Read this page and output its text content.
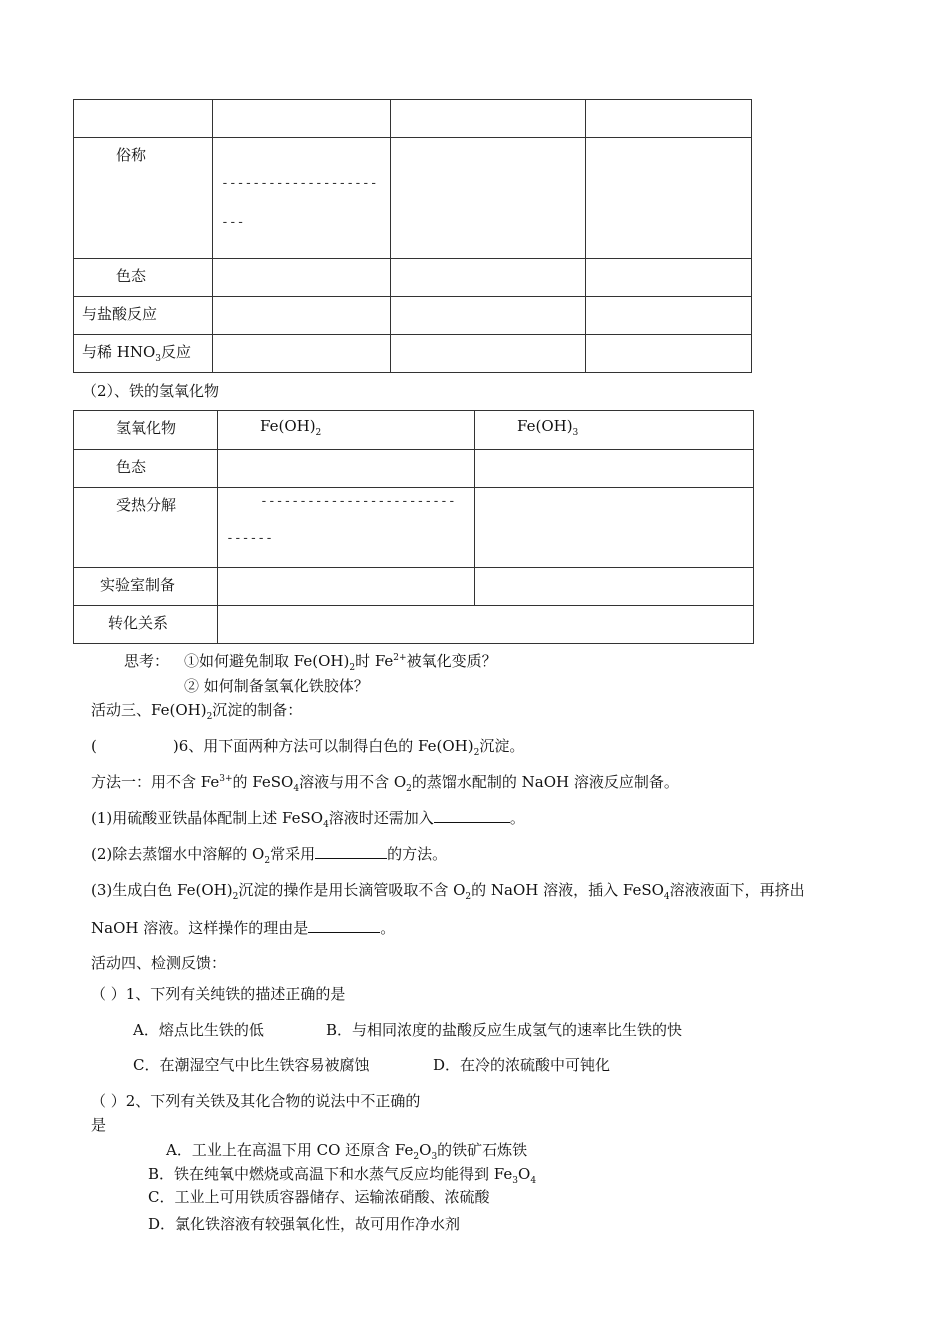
俗称	--------------------
---		

色态			
与盐酸反应			
与稀 $HNO_3$反应			
（2）、铁的氢氧化物
氢氧化物	$Fe(OH)_2$	$Fe(OH)_3$
色态		
受热分解	-------------------------
------	

实验室制备		
转化关系		
思考： ①如何避免制取 $Fe(OH)_2$时 $Fe^{2+}$被氧化变质？
② 如何制备氢氧化铁胶体？
活动三、$Fe(OH)_2$沉淀的制备：
(	)6、用下面两种方法可以制得白色的 $Fe(OH)_2$沉淀。
方法一：用不含 $Fe^{3+}$的 FeSO$_4$溶液与用不含 $O_2$的蒸馏水配制的 NaOH 溶液反应制备。
(1)用硫酸亚铁晶体配制上述 FeSO$_4$溶液时还需加入	。
(2)除去蒸馏水中溶解的 $O_2$常采用	的方法。
(3)生成白色 $Fe(OH)_2$沉淀的操作是用长滴管吸取不含 $O_2$的 NaOH 溶液，插入 FeSO$_4$溶液液面下，再挤出
NaOH 溶液。这样操作的理由是	。
活动四、检测反馈：
（ ）1、下列有关纯铁的描述正确的是
A．熔点比生铁的低	B．与相同浓度的盐酸反应生成氢气的速率比生铁的快
C．在潮湿空气中比生铁容易被腐蚀	D．在冷的浓硫酸中可钝化
（ ）2、下列有关铁及其化合物的说法中不正确的
是
A．工业上在高温下用 CO 还原含 $Fe_2O_3$的铁矿石炼铁
B．铁在纯氧中燃烧或高温下和水蒸气反应均能得到 $Fe_3O_4$
C．工业上可用铁质容器储存、运输浓硝酸、浓硫酸
D．氯化铁溶液有较强氧化性，故可用作净水剂
